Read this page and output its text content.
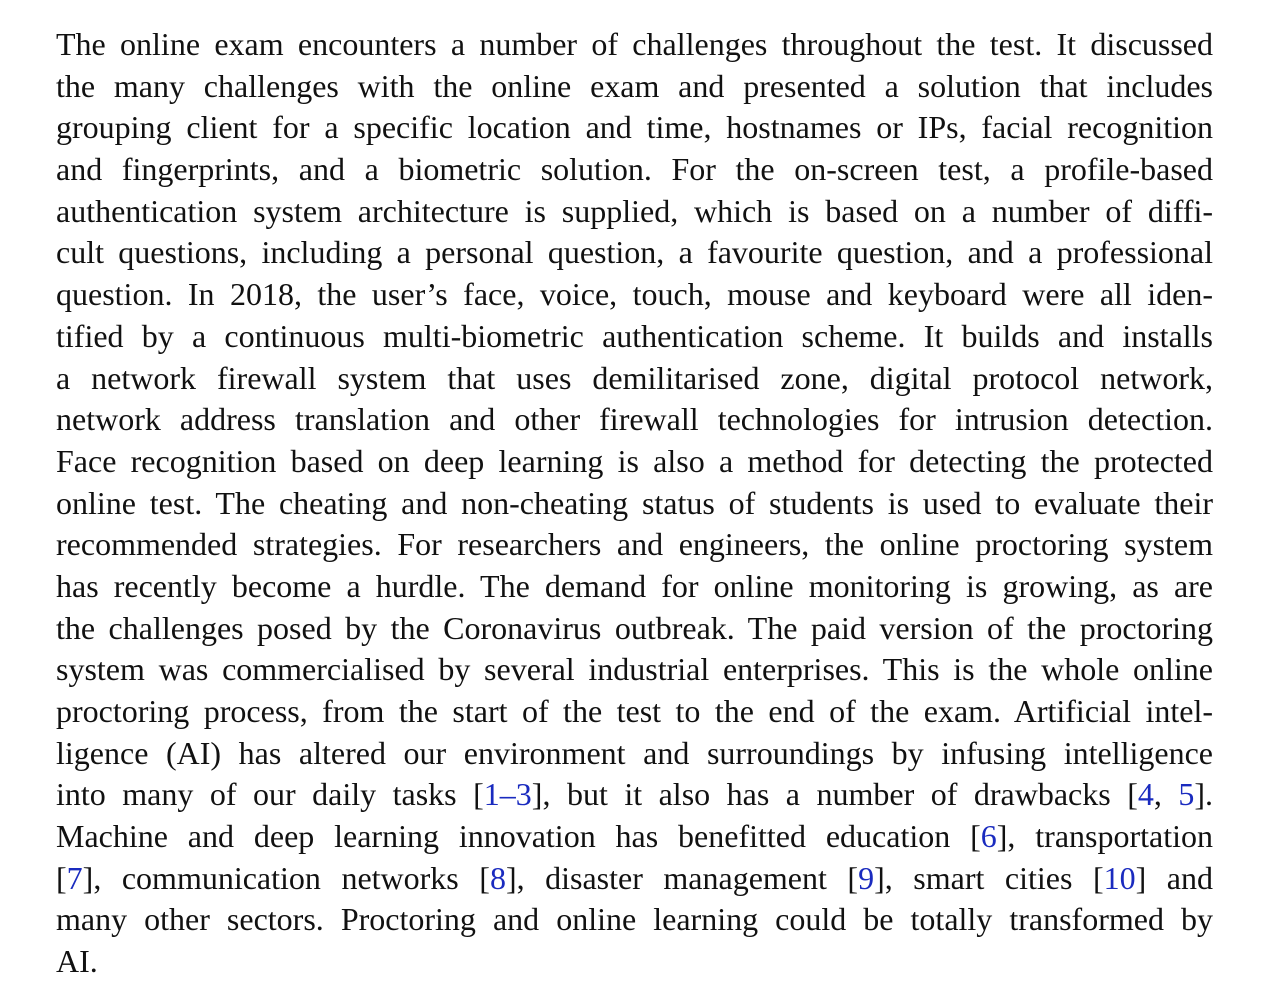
The online exam encounters a number of challenges throughout the test. It discussed
the many challenges with the online exam and presented a solution that includes
grouping client for a specific location and time, hostnames or IPs, facial recognition
and fingerprints, and a biometric solution. For the on-screen test, a profile-based
authentication system architecture is supplied, which is based on a number of diffi-
cult questions, including a personal question, a favourite question, and a professional
question. In 2018, the user’s face, voice, touch, mouse and keyboard were all iden-
tified by a continuous multi-biometric authentication scheme. It builds and installs
a network firewall system that uses demilitarised zone, digital protocol network,
network address translation and other firewall technologies for intrusion detection.
Face recognition based on deep learning is also a method for detecting the protected
online test. The cheating and non-cheating status of students is used to evaluate their
recommended strategies. For researchers and engineers, the online proctoring system
has recently become a hurdle. The demand for online monitoring is growing, as are
the challenges posed by the Coronavirus outbreak. The paid version of the proctoring
system was commercialised by several industrial enterprises. This is the whole online
proctoring process, from the start of the test to the end of the exam. Artificial intel-
ligence (AI) has altered our environment and surroundings by infusing intelligence
into many of our daily tasks [1–3], but it also has a number of drawbacks [4, 5].
Machine and deep learning innovation has benefitted education [6], transportation
[7], communication networks [8], disaster management [9], smart cities [10] and
many other sectors. Proctoring and online learning could be totally transformed by
AI.
